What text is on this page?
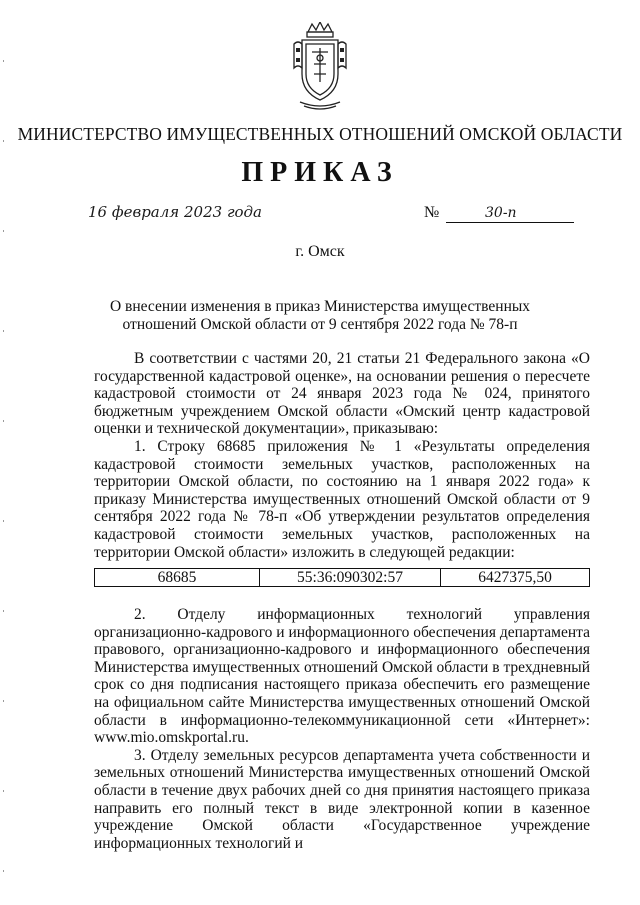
МИНИСТЕРСТВО ИМУЩЕСТВЕННЫХ ОТНОШЕНИЙ ОМСКОЙ ОБЛАСТИ
ПРИКАЗ
16 февраля 2023 года	№	30-п
г. Омск
О внесении изменения в приказ Министерства имущественных отношений Омской области от 9 сентября 2022 года № 78-п

В соответствии с частями 20, 21 статьи 21 Федерального закона «О государственной кадастровой оценке», на основании решения о пересчете кадастровой стоимости от 24 января 2023 года № 024, принятого бюджетным учреждением Омской области «Омский центр кадастровой оценки и технической документации», приказываю:

1. Строку 68685 приложения № 1 «Результаты определения кадастровой стоимости земельных участков, расположенных на территории Омской области, по состоянию на 1 января 2022 года» к приказу Министерства имущественных отношений Омской области от 9 сентября 2022 года № 78-п «Об утверждении результатов определения кадастровой стоимости земельных участков, расположенных на территории Омской области» изложить в следующей редакции:

68685	55:36:090302:57	6427375,50

2. Отделу информационных технологий управления организационно-кадрового и информационного обеспечения департамента правового, организационно-кадрового и информационного обеспечения Министерства имущественных отношений Омской области в трехдневный срок со дня подписания настоящего приказа обеспечить его размещение на официальном сайте Министерства имущественных отношений Омской области в информационно-телекоммуникационной сети «Интернет»: www.mio.omskportal.ru.

3. Отделу земельных ресурсов департамента учета собственности и земельных отношений Министерства имущественных отношений Омской области в течение двух рабочих дней со дня принятия настоящего приказа направить его полный текст в виде электронной копии в казенное учреждение Омской области «Государственное учреждение информационных технологий и
